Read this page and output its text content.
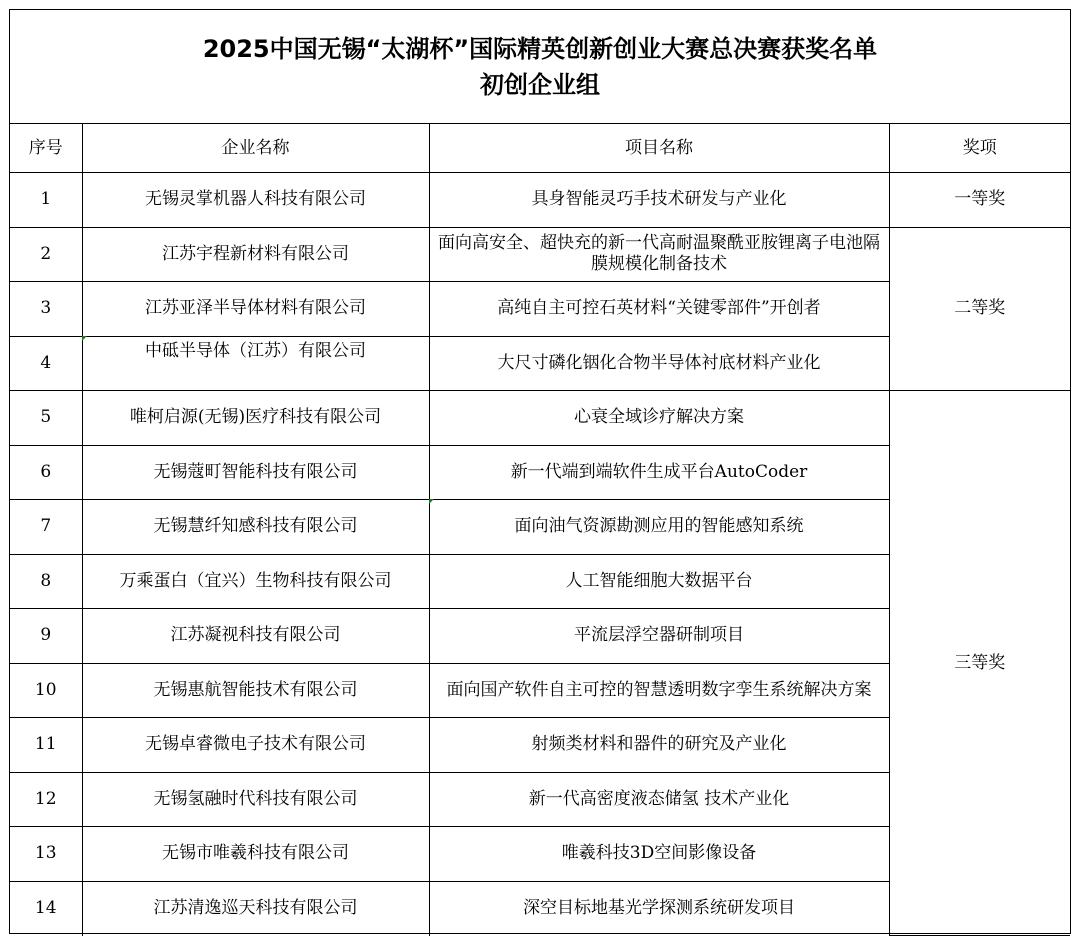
2025中国无锡“太湖杯”国际精英创新创业大赛总决赛获奖名单
初创企业组
序号	企业名称	项目名称	奖项
1	无锡灵掌机器人科技有限公司	具身智能灵巧手技术研发与产业化	一等奖
2	江苏宇程新材料有限公司	面向高安全、超快充的新一代高耐温聚酰亚胺锂离子电池隔膜规模化制备技术	二等奖
3	江苏亚泽半导体材料有限公司	高纯自主可控石英材料“关键零部件”开创者	
4	中砥半导体（江苏）有限公司	大尺寸磷化铟化合物半导体衬底材料产业化	
5	唯柯启源(无锡)医疗科技有限公司	心衰全域诊疗解决方案	三等奖
6	无锡蔻町智能科技有限公司	新一代端到端软件生成平台AutoCoder	
7	无锡慧纤知感科技有限公司	面向油气资源勘测应用的智能感知系统	
8	万乘蛋白（宜兴）生物科技有限公司	人工智能细胞大数据平台	
9	江苏凝视科技有限公司	平流层浮空器研制项目	
10	无锡惠航智能技术有限公司	面向国产软件自主可控的智慧透明数字孪生系统解决方案	
11	无锡卓睿微电子技术有限公司	射频类材料和器件的研究及产业化	
12	无锡氢融时代科技有限公司	新一代高密度液态储氢 技术产业化	
13	无锡市唯羲科技有限公司	唯羲科技3D空间影像设备	
14	江苏清逸巡天科技有限公司	深空目标地基光学探测系统研发项目	
